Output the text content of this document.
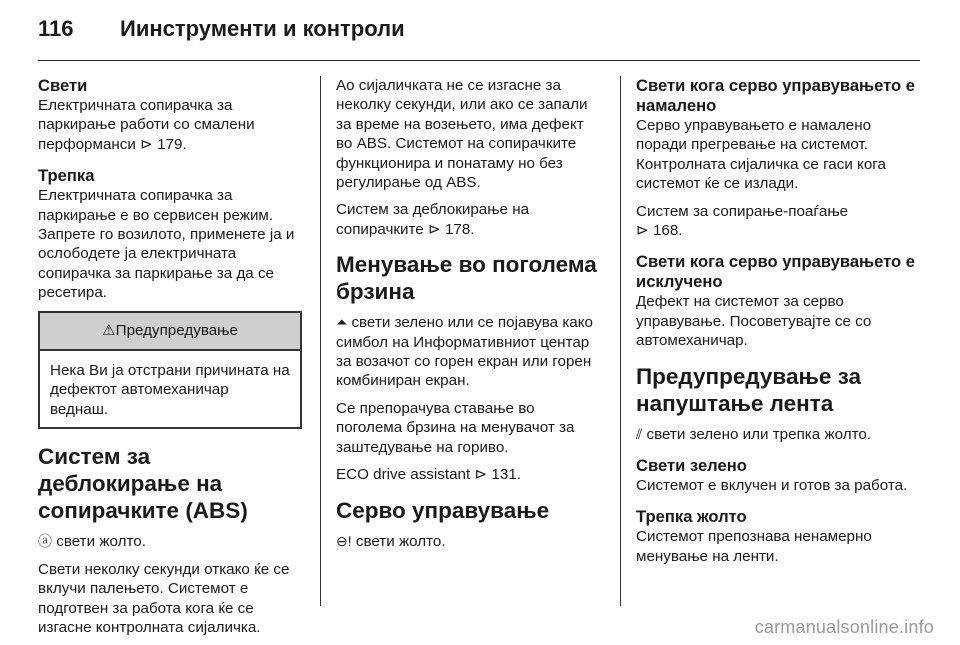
116 Иинструменти и контроли
Свети

Електричната сопирачка за паркирање работи со смалени перформанси ⊳ 179.

Трепка

Електричната сопирачка за паркирање е во сервисен режим. Запрете го возилото, применете ја и ослободете ја електричната сопирачка за паркирање за да се ресетира.

⚠Предупредување
Нека Ви ја отстрани причината на дефектот автомеханичар веднаш.
Систем за деблокирање на сопирачките (ABS)

ⓐ свети жолто.

Свети неколку секунди откако ќе се вклучи палењето. Системот е подготвен за работа кога ќе се изгасне контролната сијаличка.

Ао сијаличката не се изгасне за неколку секунди, или ако се запали за време на возењето, има дефект во ABS. Системот на сопирачките функционира и понатаму но без регулирање од ABS.

Систем за деблокирање на сопирачките ⊳ 178.

Менување во поголема брзина

⏶ свети зелено или се појавува како симбол на Информативниот центар за возачот со горен екран или горен комбиниран екран.

Се препорачува ставање во поголема брзина на менувачот за заштедување на гориво.

ECO drive assistant ⊳ 131.

Серво управување

⊖! свети жолто.

Свети кога серво управувањето е намалено

Серво управувањето е намалено поради прегревање на системот. Контролната сијаличка се гаси кога системот ќе се излади.

Систем за сопирање-поаѓање
⊳ 168.

Свети кога серво управувањето е исклучено

Дефект на системот за серво управување. Посоветувајте се со автомеханичар.

Предупредување за напуштање лента

⫽ свети зелено или трепка жолто.

Свети зелено

Системот е вклучен и готов за работа.

Трепка жолто

Системот препознава ненамерно менување на ленти.

carmanualsonline.info
